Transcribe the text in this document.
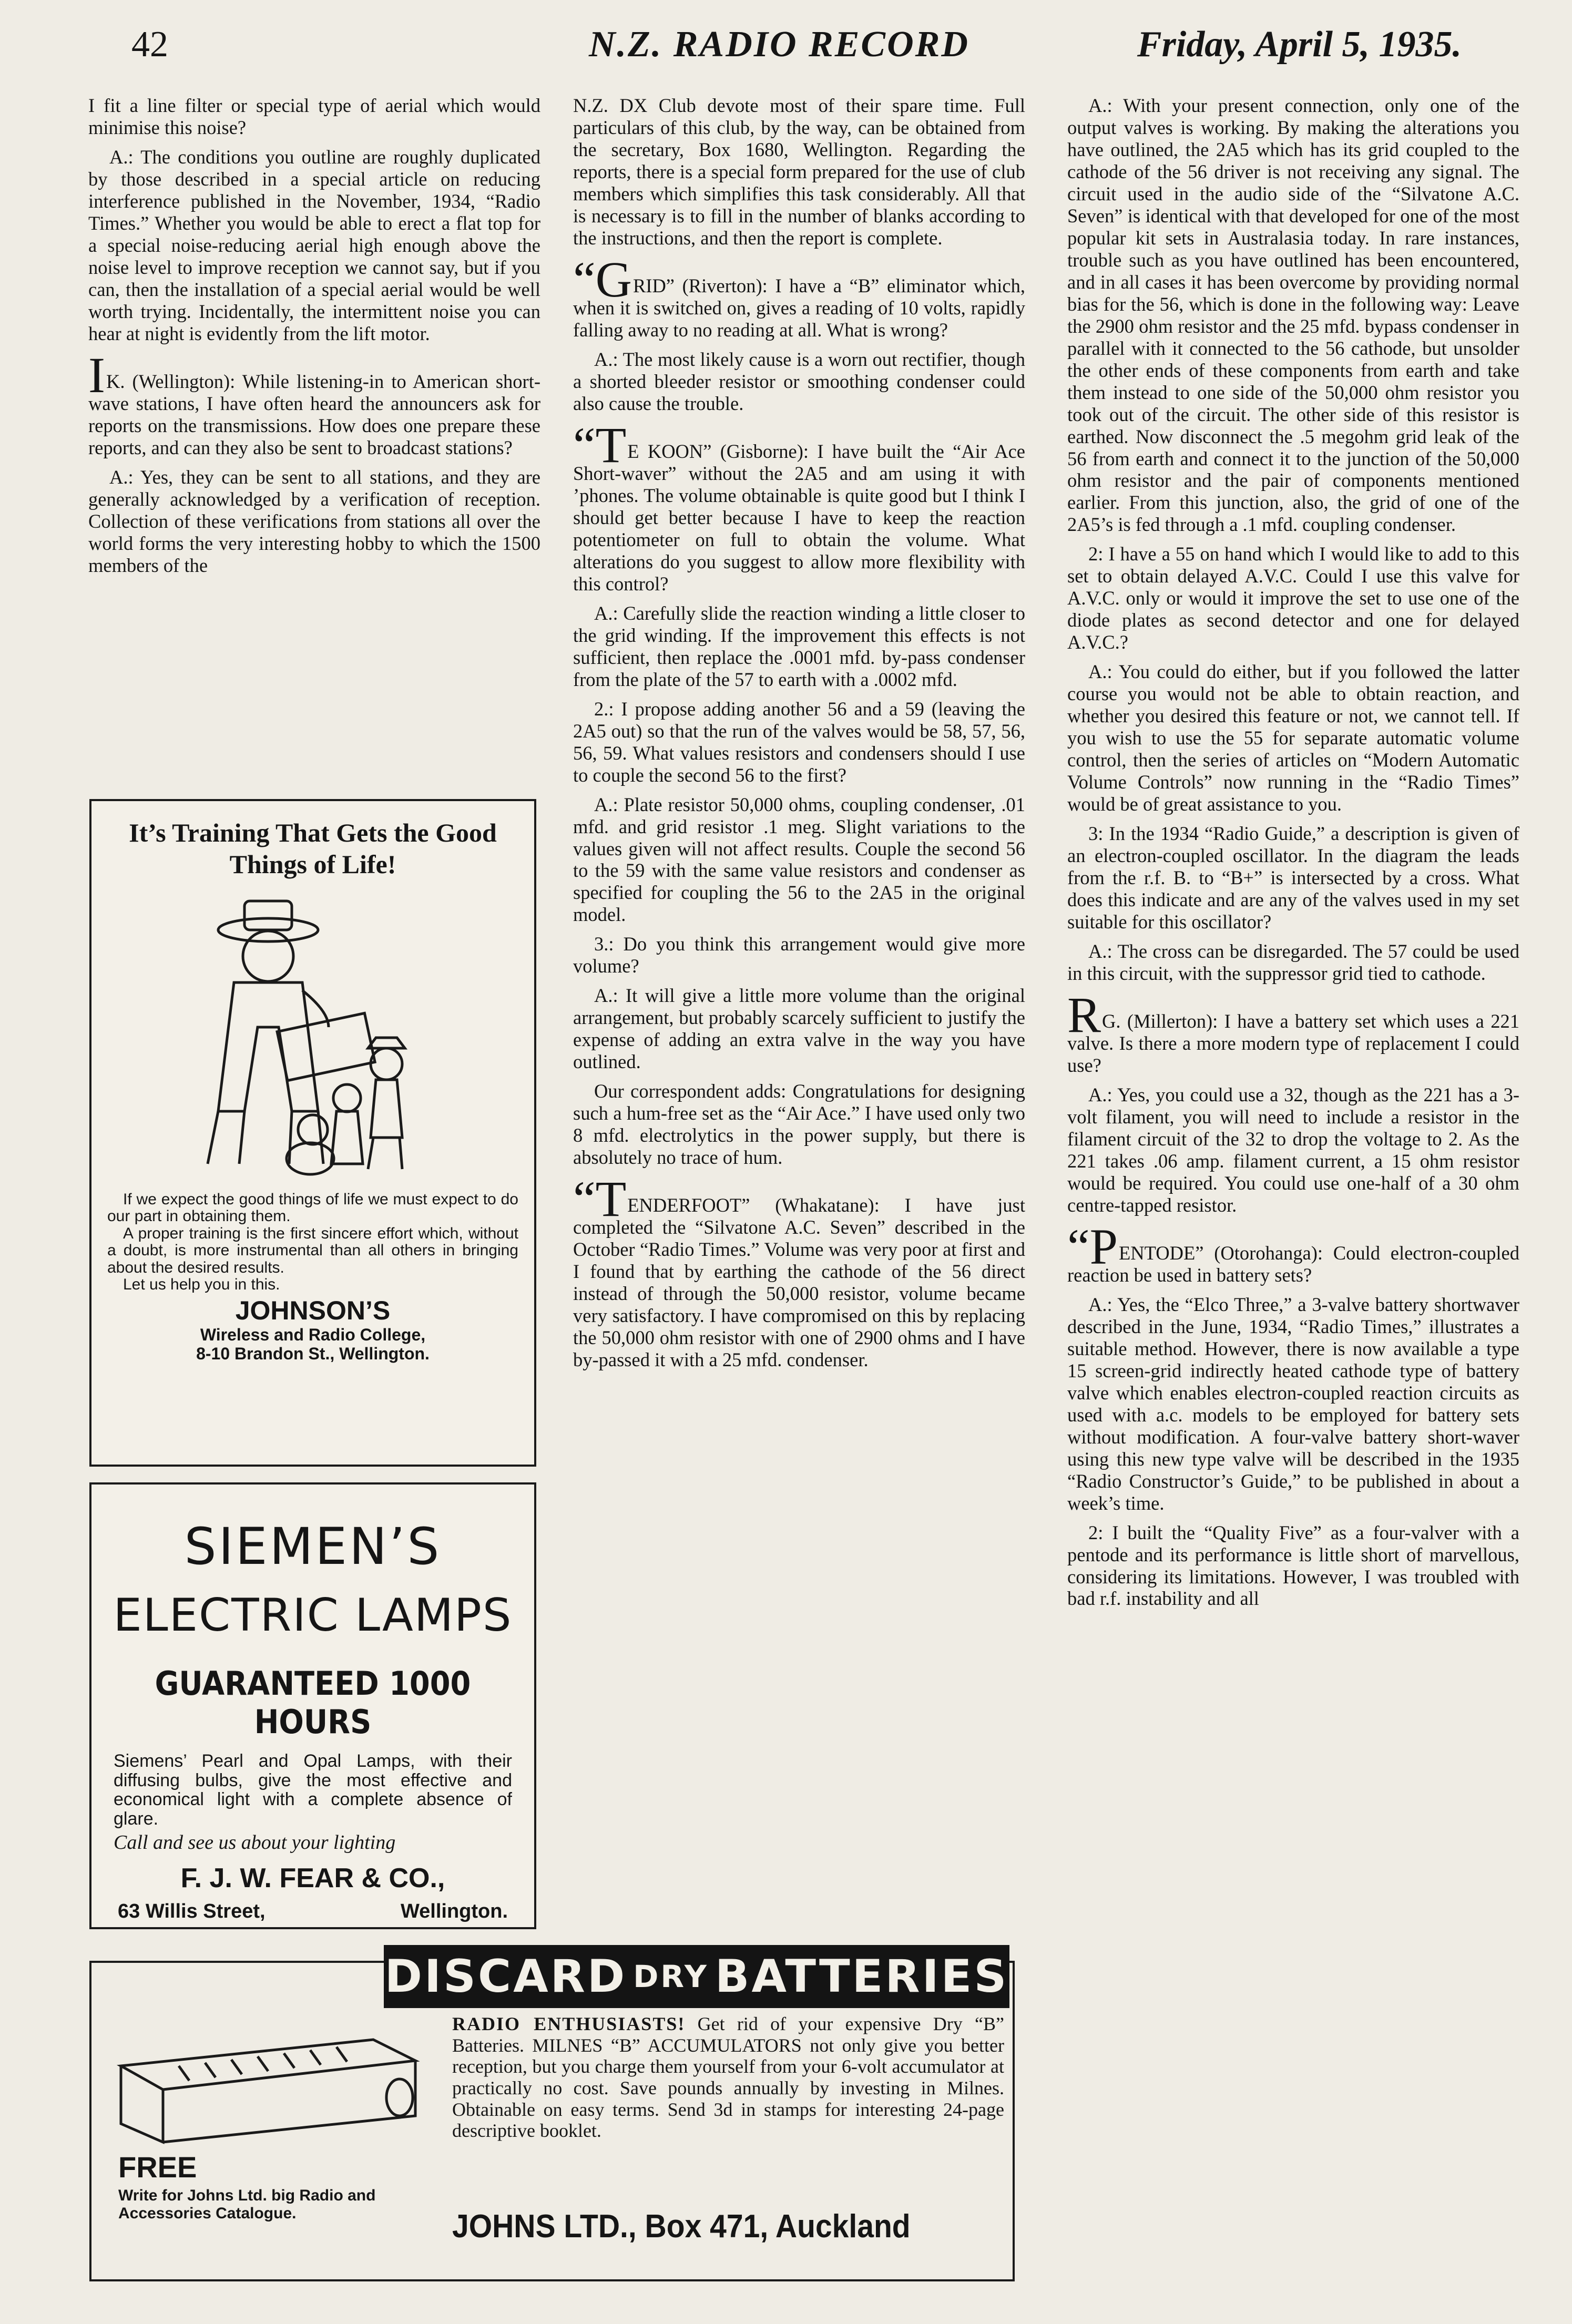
42	N.Z. RADIO RECORD	Friday, April 5, 1935.

I fit a line filter or special type of aerial which would minimise this noise?

A.: The conditions you outline are roughly duplicated by those described in a special article on reducing interference published in the November, 1934, “Radio Times.” Whether you would be able to erect a flat top for a special noise-reducing aerial high enough above the noise level to improve reception we cannot say, but if you can, then the installation of a special aerial would be well worth trying. Incidentally, the intermittent noise you can hear at night is evidently from the lift motor.

IK. (Wellington): While listening-in to American short-wave stations, I have often heard the announcers ask for reports on the transmissions. How does one prepare these reports, and can they also be sent to broadcast stations?

A.: Yes, they can be sent to all stations, and they are generally acknowledged by a verification of reception. Collection of these verifications from stations all over the world forms the very interesting hobby to which the 1500 members of the

N.Z. DX Club devote most of their spare time. Full particulars of this club, by the way, can be obtained from the secretary, Box 1680, Wellington. Regarding the reports, there is a special form prepared for the use of club members which simplifies this task considerably. All that is necessary is to fill in the number of blanks according to the instructions, and then the report is complete.

“GRID” (Riverton): I have a “B” eliminator which, when it is switched on, gives a reading of 10 volts, rapidly falling away to no reading at all. What is wrong?

A.: The most likely cause is a worn out rectifier, though a shorted bleeder resistor or smoothing condenser could also cause the trouble.

“TE KOON” (Gisborne): I have built the “Air Ace Short-waver” without the 2A5 and am using it with ’phones. The volume obtainable is quite good but I think I should get better because I have to keep the reaction potentiometer on full to obtain the volume. What alterations do you suggest to allow more flexibility with this control?

A.: Carefully slide the reaction winding a little closer to the grid winding. If the improvement this effects is not sufficient, then replace the .0001 mfd. by-pass condenser from the plate of the 57 to earth with a .0002 mfd.

2.: I propose adding another 56 and a 59 (leaving the 2A5 out) so that the run of the valves would be 58, 57, 56, 56, 59. What values resistors and condensers should I use to couple the second 56 to the first?

A.: Plate resistor 50,000 ohms, coupling condenser, .01 mfd. and grid resistor .1 meg. Slight variations to the values given will not affect results. Couple the second 56 to the 59 with the same value resistors and condenser as specified for coupling the 56 to the 2A5 in the original model.

3.: Do you think this arrangement would give more volume?

A.: It will give a little more volume than the original arrangement, but probably scarcely sufficient to justify the expense of adding an extra valve in the way you have outlined.

Our correspondent adds: Congratulations for designing such a hum-free set as the “Air Ace.” I have used only two 8 mfd. electrolytics in the power supply, but there is absolutely no trace of hum.

“TENDERFOOT” (Whakatane): I have just completed the “Silvatone A.C. Seven” described in the October “Radio Times.” Volume was very poor at first and I found that by earthing the cathode of the 56 direct instead of through the 50,000 resistor, volume became very satisfactory. I have compromised on this by replacing the 50,000 ohm resistor with one of 2900 ohms and I have by-passed it with a 25 mfd. condenser.

A.: With your present connection, only one of the output valves is working. By making the alterations you have outlined, the 2A5 which has its grid coupled to the cathode of the 56 driver is not receiving any signal. The circuit used in the audio side of the “Silvatone A.C. Seven” is identical with that developed for one of the most popular kit sets in Australasia today. In rare instances, trouble such as you have outlined has been encountered, and in all cases it has been overcome by providing normal bias for the 56, which is done in the following way: Leave the 2900 ohm resistor and the 25 mfd. bypass condenser in parallel with it connected to the 56 cathode, but unsolder the other ends of these components from earth and take them instead to one side of the 50,000 ohm resistor you took out of the circuit. The other side of this resistor is earthed. Now disconnect the .5 megohm grid leak of the 56 from earth and connect it to the junction of the 50,000 ohm resistor and the pair of components mentioned earlier. From this junction, also, the grid of one of the 2A5’s is fed through a .1 mfd. coupling condenser.

2: I have a 55 on hand which I would like to add to this set to obtain delayed A.V.C. Could I use this valve for A.V.C. only or would it improve the set to use one of the diode plates as second detector and one for delayed A.V.C.?

A.: You could do either, but if you followed the latter course you would not be able to obtain reaction, and whether you desired this feature or not, we cannot tell. If you wish to use the 55 for separate automatic volume control, then the series of articles on “Modern Automatic Volume Controls” now running in the “Radio Times” would be of great assistance to you.

3: In the 1934 “Radio Guide,” a description is given of an electron-coupled oscillator. In the diagram the leads from the r.f. B. to “B+” is intersected by a cross. What does this indicate and are any of the valves used in my set suitable for this oscillator?

A.: The cross can be disregarded. The 57 could be used in this circuit, with the suppressor grid tied to cathode.

RG. (Millerton): I have a battery set which uses a 221 valve. Is there a more modern type of replacement I could use?

A.: Yes, you could use a 32, though as the 221 has a 3-volt filament, you will need to include a resistor in the filament circuit of the 32 to drop the voltage to 2. As the 221 takes .06 amp. filament current, a 15 ohm resistor would be required. You could use one-half of a 30 ohm centre-tapped resistor.

“PENTODE” (Otorohanga): Could electron-coupled reaction be used in battery sets?

A.: Yes, the “Elco Three,” a 3-valve battery shortwaver described in the June, 1934, “Radio Times,” illustrates a suitable method. However, there is now available a type 15 screen-grid indirectly heated cathode type of battery valve which enables electron-coupled reaction circuits as used with a.c. models to be employed for battery sets without modification. A four-valve battery short-waver using this new type valve will be described in the 1935 “Radio Constructor’s Guide,” to be published in about a week’s time.

2: I built the “Quality Five” as a four-valver with a pentode and its performance is little short of marvellous, considering its limitations. However, I was troubled with bad r.f. instability and all

It’s Training That Gets the Good Things of Life!

If we expect the good things of life we must expect to do our part in obtaining them.

A proper training is the first sincere effort which, without a doubt, is more instrumental than all others in bringing about the desired results.

Let us help you in this.

JOHNSON’S
Wireless and Radio College,
8-10 Brandon St., Wellington.
SIEMEN’S
ELECTRIC LAMPS
GUARANTEED 1000 HOURS
Siemens’ Pearl and Opal Lamps, with their diffusing bulbs, give the most effective and economical light with a complete absence of glare.
Call and see us about your lighting
F. J. W. FEAR & CO.,
63 Willis Street,	Wellington.
DISCARD DRY BATTERIES
RADIO ENTHUSIASTS! Get rid of your expensive Dry “B” Batteries. MILNES “B” ACCUMULATORS not only give you better reception, but you charge them yourself from your 6-volt accumulator at practically no cost. Save pounds annually by investing in Milnes. Obtainable on easy terms. Send 3d in stamps for interesting 24-page descriptive booklet.
FREE
Write for Johns Ltd. big Radio and Accessories Catalogue.	JOHNS LTD., Box 471, Auckland
